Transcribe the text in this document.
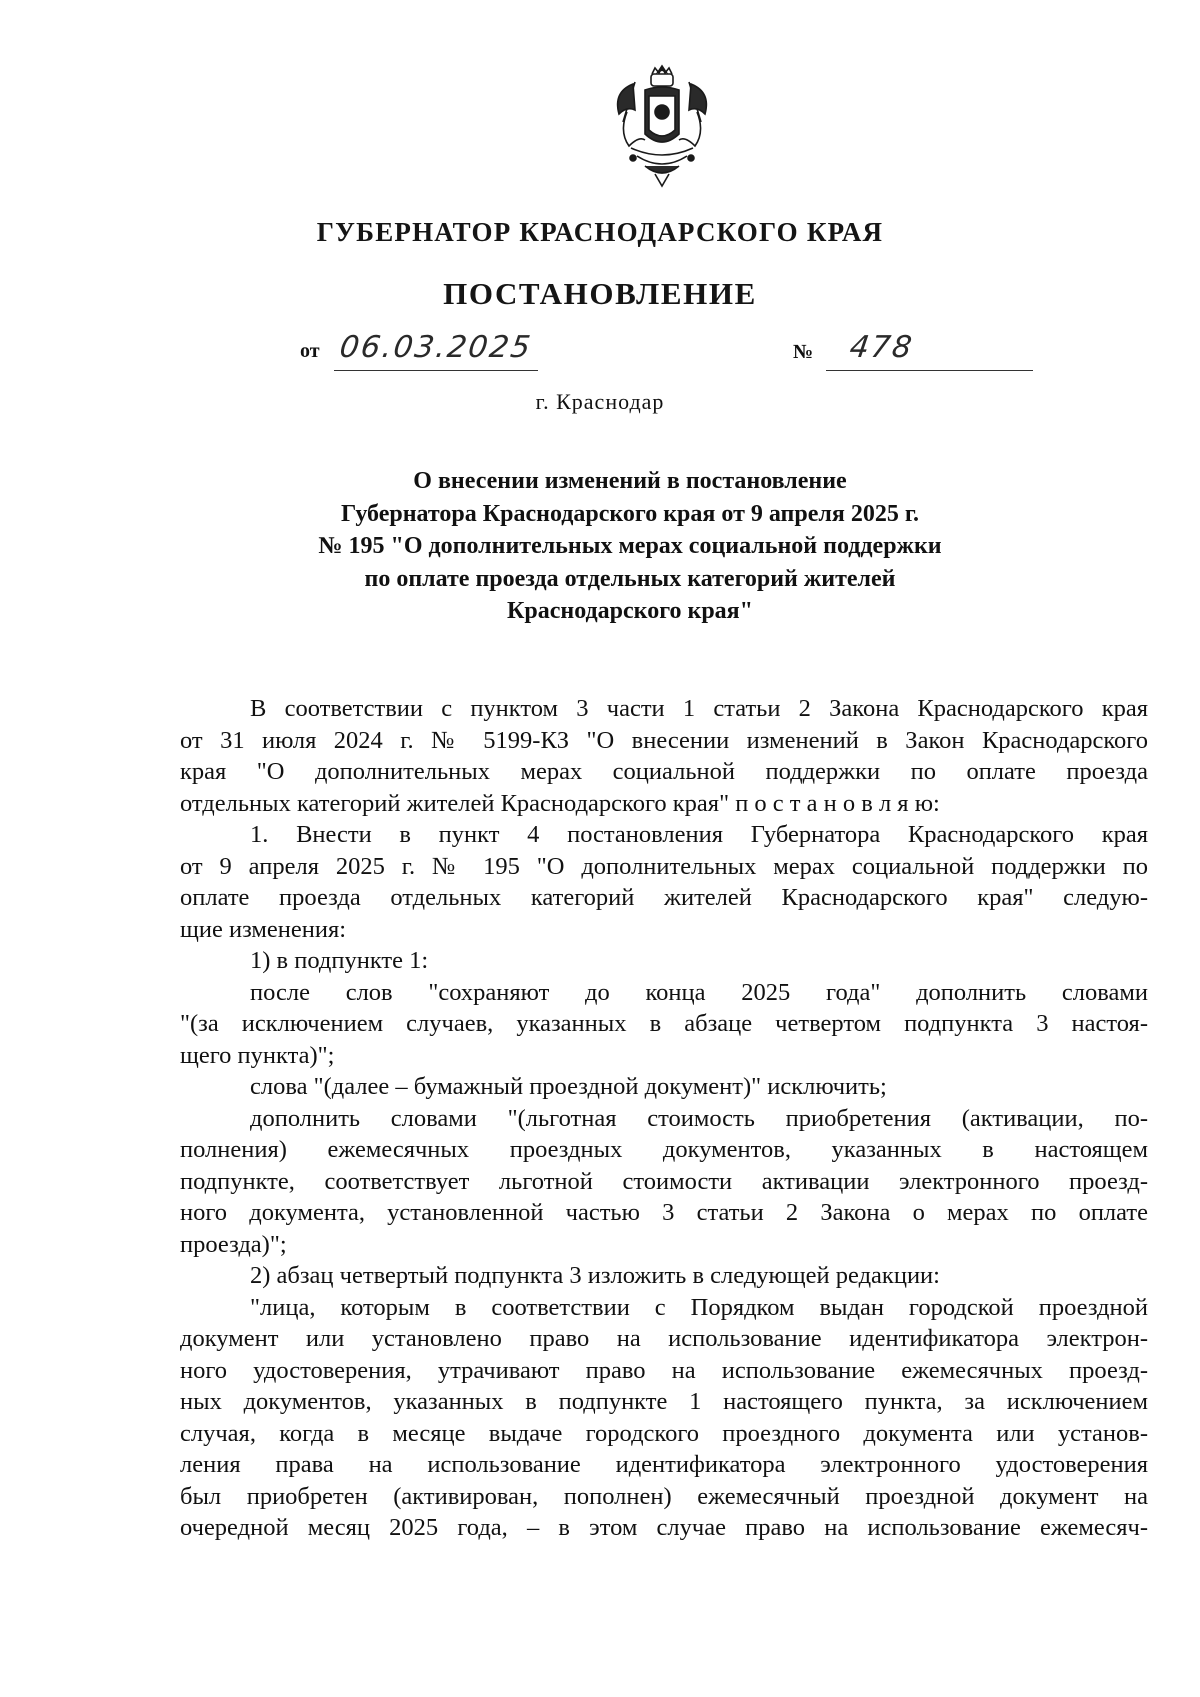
ГУБЕРНАТОР КРАСНОДАРСКОГО КРАЯ
ПОСТАНОВЛЕНИЕ
от 06.03.2025	№ 478
г. Краснодар
О внесении изменений в постановление
Губернатора Краснодарского края от 9 апреля 2025 г.
№ 195 "О дополнительных мерах социальной поддержки
по оплате проезда отдельных категорий жителей
Краснодарского края"
В соответствии с пунктом 3 части 1 статьи 2 Закона Краснодарского края
от 31 июля 2024 г. № 5199-КЗ "О внесении изменений в Закон Краснодарского
края "О дополнительных мерах социальной поддержки по оплате проезда
отдельных категорий жителей Краснодарского края" п о с т а н о в л я ю:
1. Внести в пункт 4 постановления Губернатора Краснодарского края
от 9 апреля 2025 г. № 195 "О дополнительных мерах социальной поддержки по
оплате проезда отдельных категорий жителей Краснодарского края" следую-
щие изменения:
1) в подпункте 1:
после слов "сохраняют до конца 2025 года" дополнить словами
"(за исключением случаев, указанных в абзаце четвертом подпункта 3 настоя-
щего пункта)";
слова "(далее – бумажный проездной документ)" исключить;
дополнить словами "(льготная стоимость приобретения (активации, по-
полнения) ежемесячных проездных документов, указанных в настоящем
подпункте, соответствует льготной стоимости активации электронного проезд-
ного документа, установленной частью 3 статьи 2 Закона о мерах по оплате
проезда)";
2) абзац четвертый подпункта 3 изложить в следующей редакции:
"лица, которым в соответствии с Порядком выдан городской проездной
документ или установлено право на использование идентификатора электрон-
ного удостоверения, утрачивают право на использование ежемесячных проезд-
ных документов, указанных в подпункте 1 настоящего пункта, за исключением
случая, когда в месяце выдаче городского проездного документа или установ-
ления права на использование идентификатора электронного удостоверения
был приобретен (активирован, пополнен) ежемесячный проездной документ на
очередной месяц 2025 года, – в этом случае право на использование ежемесяч-
